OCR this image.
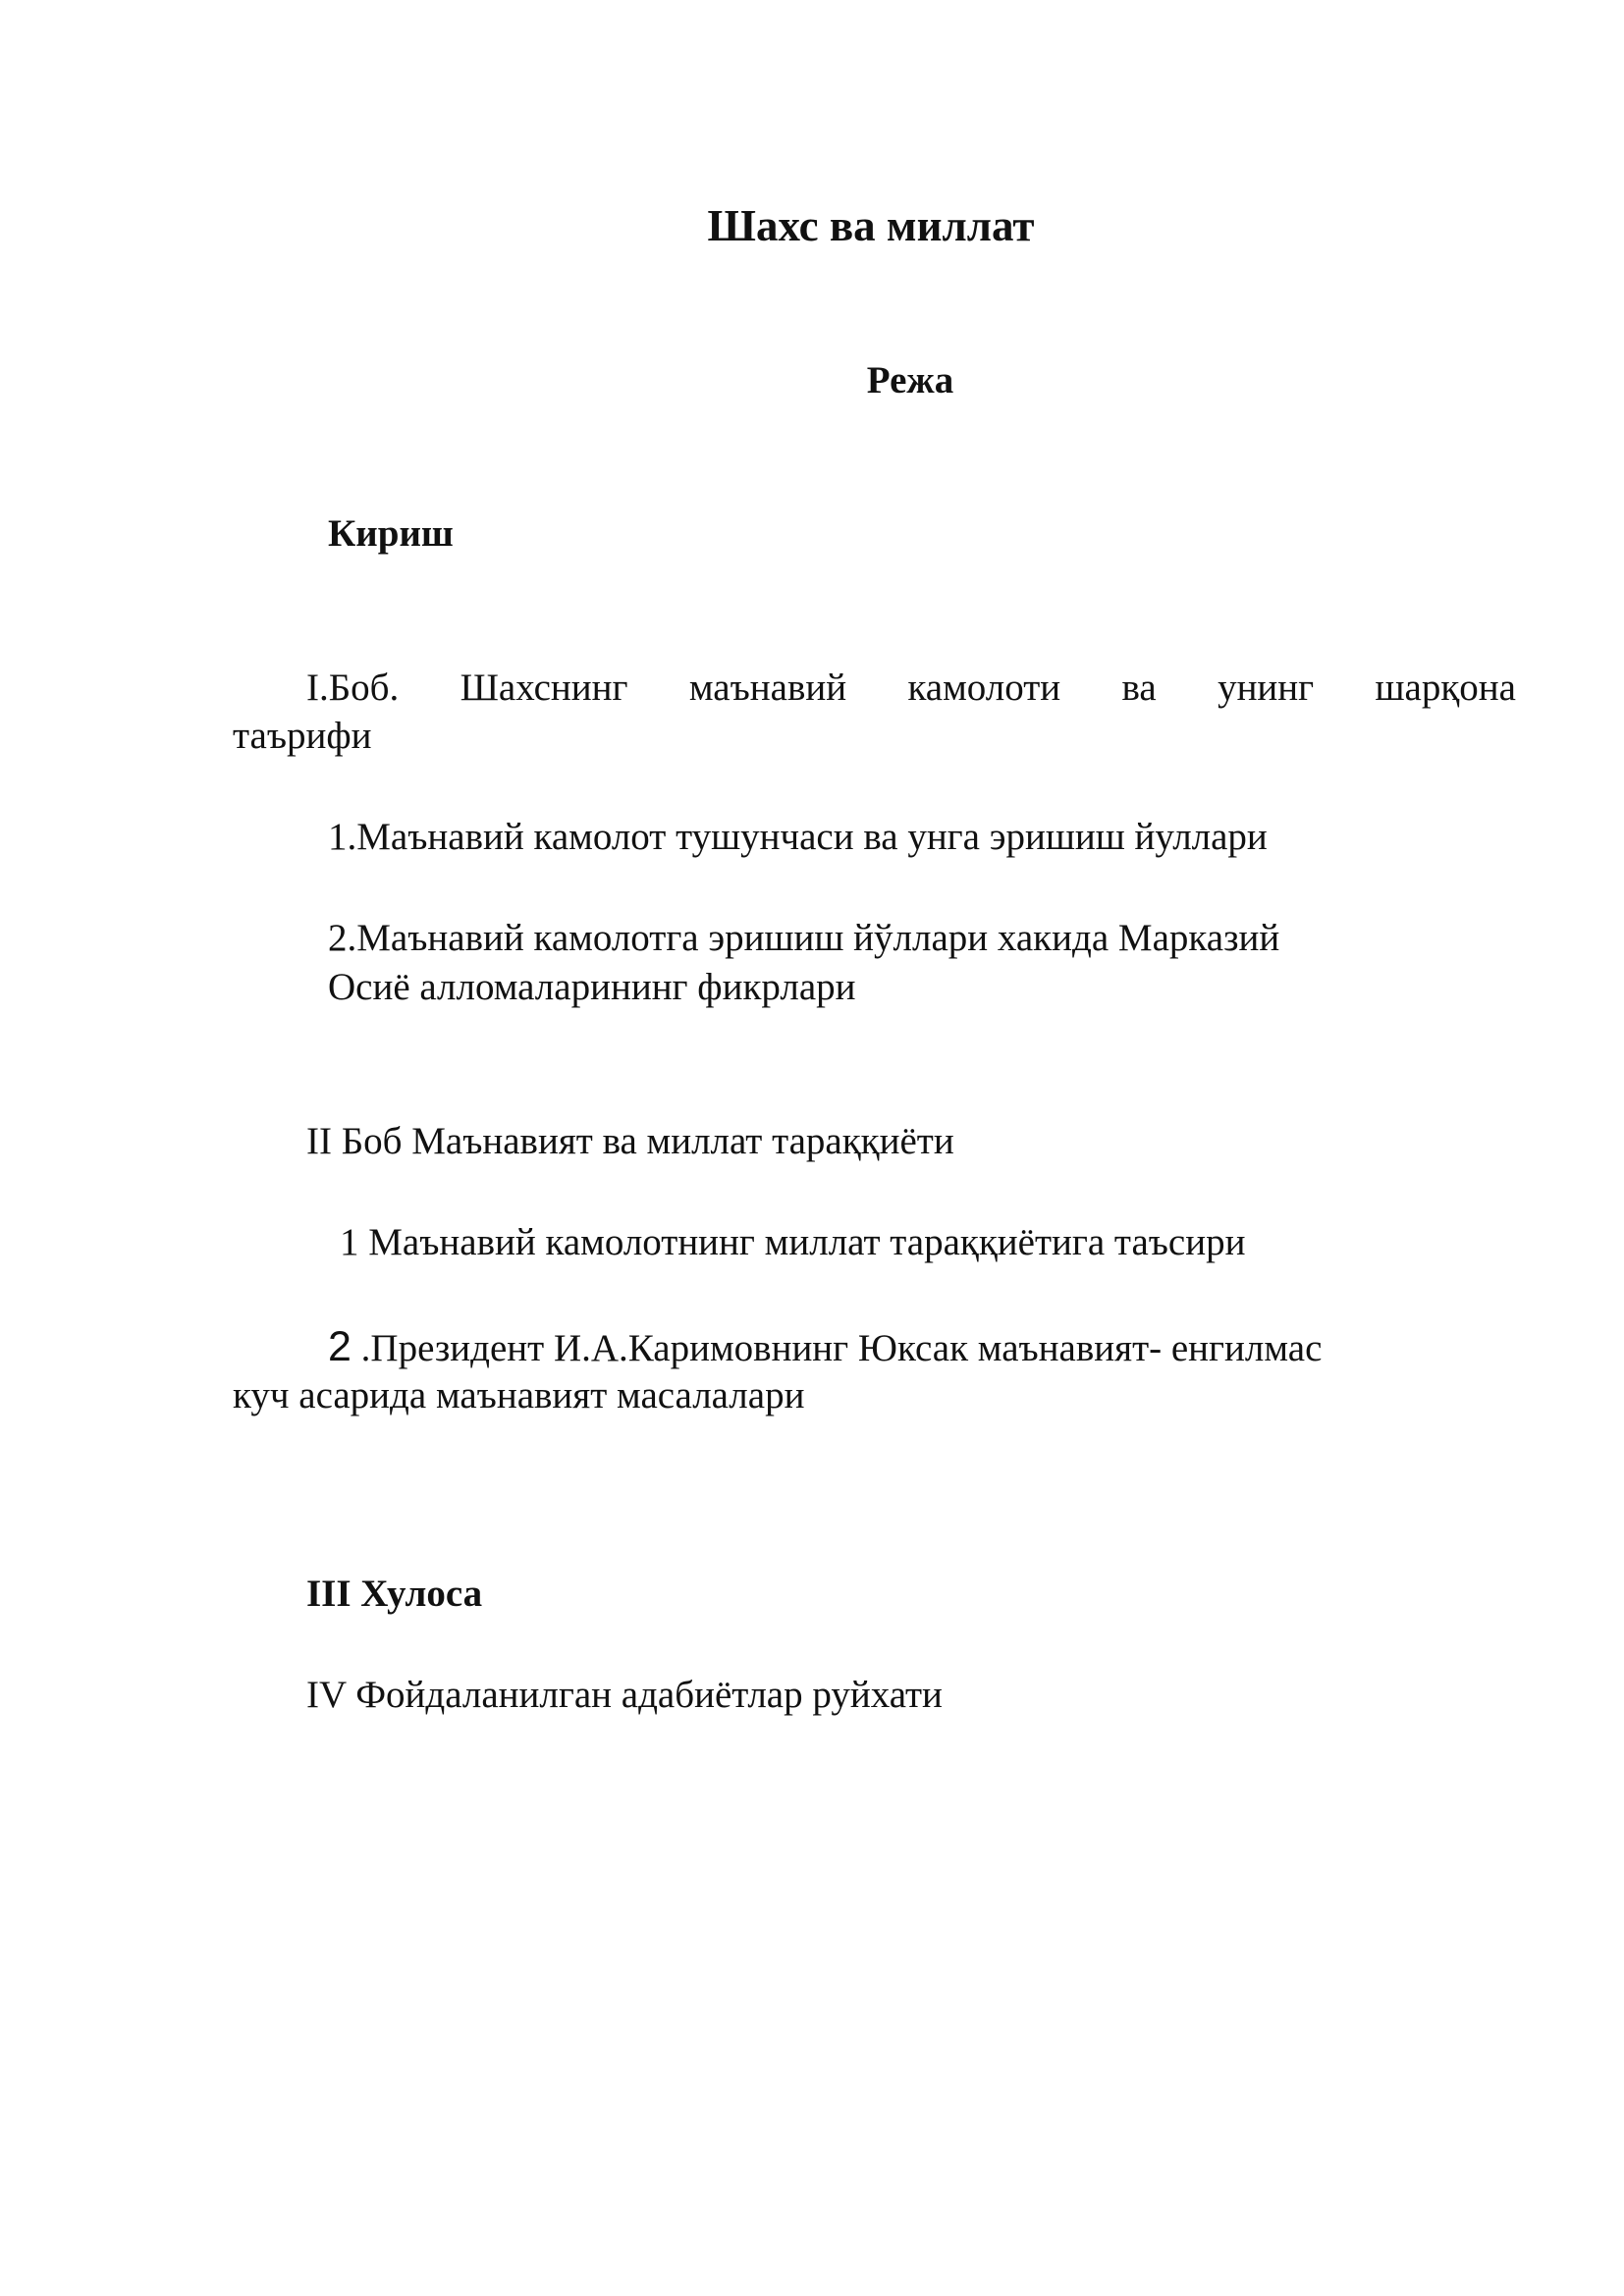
Шахс ва миллат
Режа
Кириш
I.Боб. Шахснинг маънавий камолоти ва унинг шарқона
таърифи
1.Маънавий камолот тушунчаси ва унга эришиш йуллари
2.Маънавий камолотга эришиш йўллари хакида Марказий
Осиё алломаларининг фикрлари
II Боб Маънавият ва миллат тараққиёти
1 Маънавий камолотнинг миллат тараққиётига таъсири
2 .Президент И.А.Каримовнинг Юксак маънавият- енгилмас
куч асарида маънавият масалалари
III Хулоса
IV Фойдаланилган адабиётлар руйхати
